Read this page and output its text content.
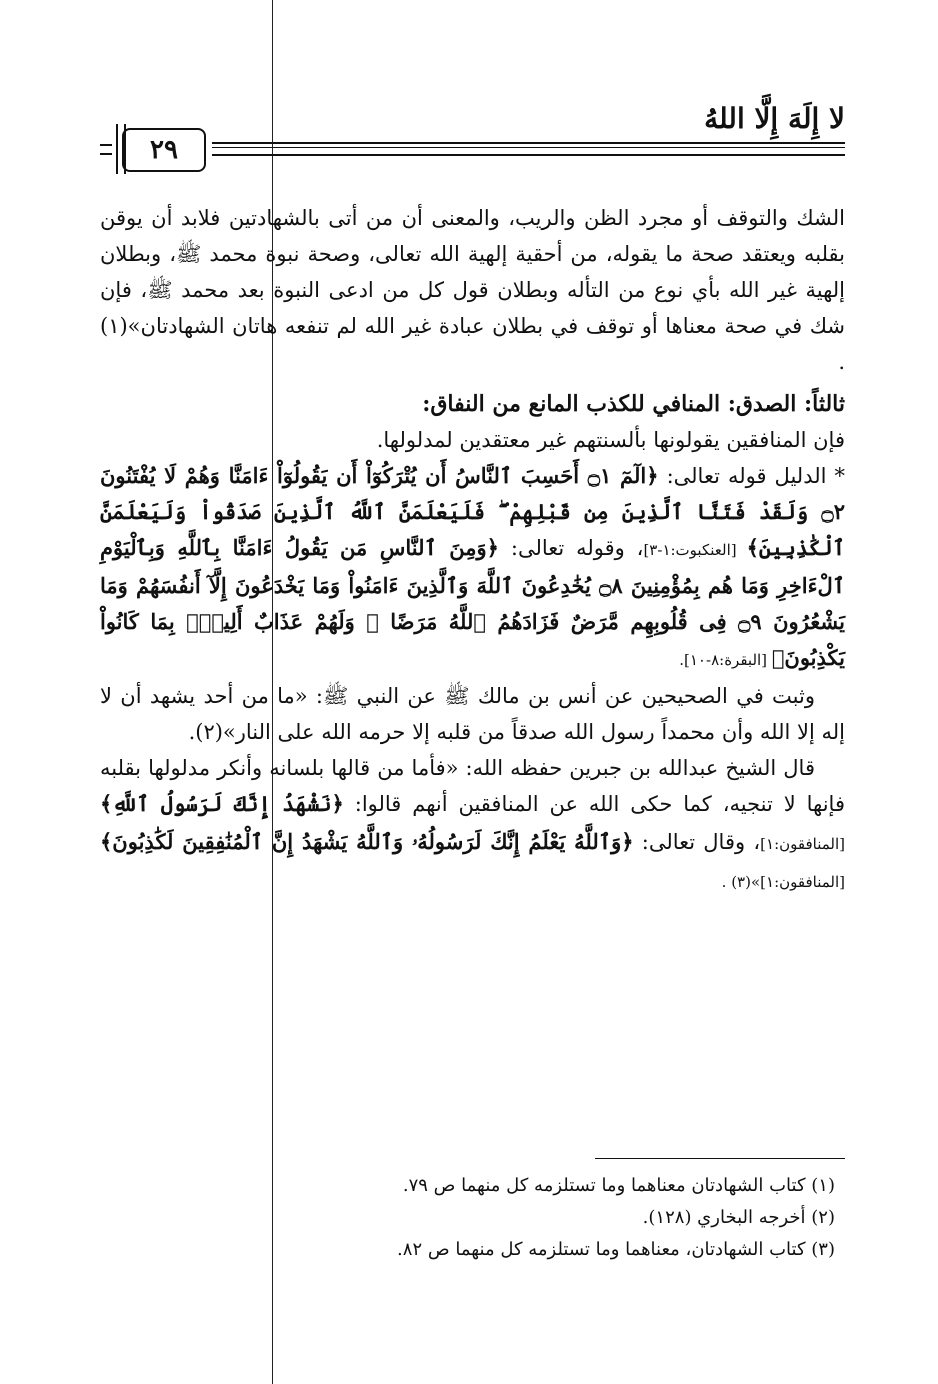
لا إِلَهَ إِلَّا اللهُ
٢٩

الشك والتوقف أو مجرد الظن والريب، والمعنى أن من أتى بالشهادتين فلابد أن يوقن بقلبه ويعتقد صحة ما يقوله، من أحقية إلهية الله تعالى، وصحة نبوة محمد ﷺ، وبطلان إلهية غير الله بأي نوع من التأله وبطلان قول كل من ادعى النبوة بعد محمد ﷺ، فإن شك في صحة معناها أو توقف في بطلان عبادة غير الله لم تنفعه هاتان الشهادتان»(١) .

ثالثاً: الصدق: المنافي للكذب المانع من النفاق:

فإن المنافقين يقولونها بألسنتهم غير معتقدين لمدلولها.

* الدليل قوله تعالى: ﴿الٓمٓ ۝١ أَحَسِبَ ٱلنَّاسُ أَن يُتْرَكُوٓاْ أَن يَقُولُوٓاْ ءَامَنَّا وَهُمْ لَا يُفْتَنُونَ ۝٢ وَلَقَدْ فَتَنَّا ٱلَّذِينَ مِن قَبْلِهِمْ ۖ فَلَيَعْلَمَنَّ ٱللَّهُ ٱلَّذِينَ صَدَقُواْ وَلَيَعْلَمَنَّ ٱلْكَٰذِبِينَ﴾ [العنكبوت:١-٣]، وقوله تعالى: ﴿وَمِنَ ٱلنَّاسِ مَن يَقُولُ ءَامَنَّا بِٱللَّهِ وَبِٱلْيَوْمِ ٱلْءَاخِرِ وَمَا هُم بِمُؤْمِنِينَ ۝٨ يُخَٰدِعُونَ ٱللَّهَ وَٱلَّذِينَ ءَامَنُواْ وَمَا يَخْدَعُونَ إِلَّآ أَنفُسَهُمْ وَمَا يَشْعُرُونَ ۝٩ فِى قُلُوبِهِم مَّرَضٌ فَزَادَهُمُ ٱللَّهُ مَرَضًا ۖ وَلَهُمْ عَذَابٌ أَلِيمٌۢ بِمَا كَانُواْ يَكْذِبُونَ﴾ [البقرة:٨-١٠].

وثبت في الصحيحين عن أنس بن مالك ﷺ عن النبي ﷺ: «ما من أحد يشهد أن لا إله إلا الله وأن محمداً رسول الله صدقاً من قلبه إلا حرمه الله على النار»(٢).

قال الشيخ عبدالله بن جبرين حفظه الله: «فأما من قالها بلسانه وأنكر مدلولها بقلبه فإنها لا تنجيه، كما حكى الله عن المنافقين أنهم قالوا: ﴿نَشْهَدُ إِنَّكَ لَرَسُولُ ٱللَّهِ﴾ [المنافقون:١]، وقال تعالى: ﴿وَٱللَّهُ يَعْلَمُ إِنَّكَ لَرَسُولُهُۥ وَٱللَّهُ يَشْهَدُ إِنَّ ٱلْمُنَٰفِقِينَ لَكَٰذِبُونَ﴾ [المنافقون:١]»(٣) .

(١) كتاب الشهادتان معناهما وما تستلزمه كل منهما ص ٧٩.

(٢) أخرجه البخاري (١٢٨).

(٣) كتاب الشهادتان، معناهما وما تستلزمه كل منهما ص ٨٢.
